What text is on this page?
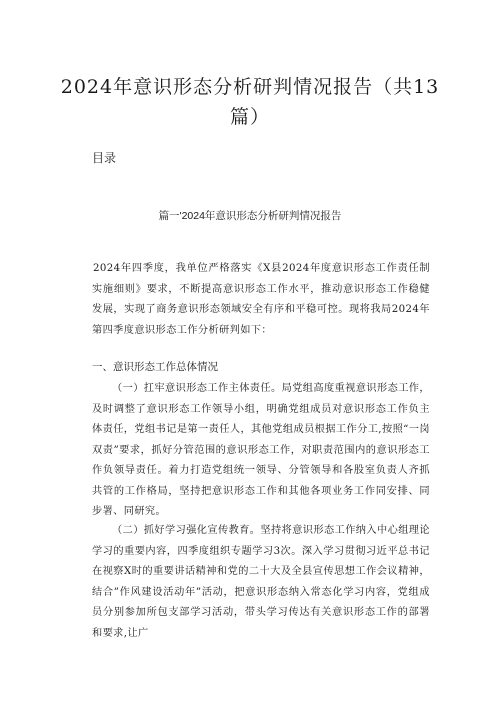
2024年意识形态分析研判情况报告（共13篇）

目录

篇一'2024年意识形态分析研判情况报告

2024年四季度，我单位严格落实《X县2024年度意识形态工作责任制实施细则》要求，不断提高意识形态工作水平，推动意识形态工作稳健发展，实现了商务意识形态领域安全有序和平稳可控。现将我局2024年第四季度意识形态工作分析研判如下：

一、意识形态工作总体情况

（一）扛牢意识形态工作主体责任。局党组高度重视意识形态工作，及时调整了意识形态工作领导小组，明确党组成员对意识形态工作负主体责任，党组书记是第一责任人，其他党组成员根据工作分工,按照“一岗双责”要求，抓好分管范围的意识形态工作，对职责范围内的意识形态工作负领导责任。着力打造党组统一领导、分管领导和各股室负责人齐抓共管的工作格局，坚持把意识形态工作和其他各项业务工作同安排、同步署、同研究。

（二）抓好学习强化宣传教育。坚持将意识形态工作纳入中心组理论学习的重要内容，四季度组织专题学习3次。深入学习贯彻习近平总书记在视察X时的重要讲话精神和党的二十大及全县宣传思想工作会议精神，结合”作风建设活动年”活动，把意识形态纳入常态化学习内容，党组成员分别参加所包支部学习活动，带头学习传达有关意识形态工作的部署和要求,让广
